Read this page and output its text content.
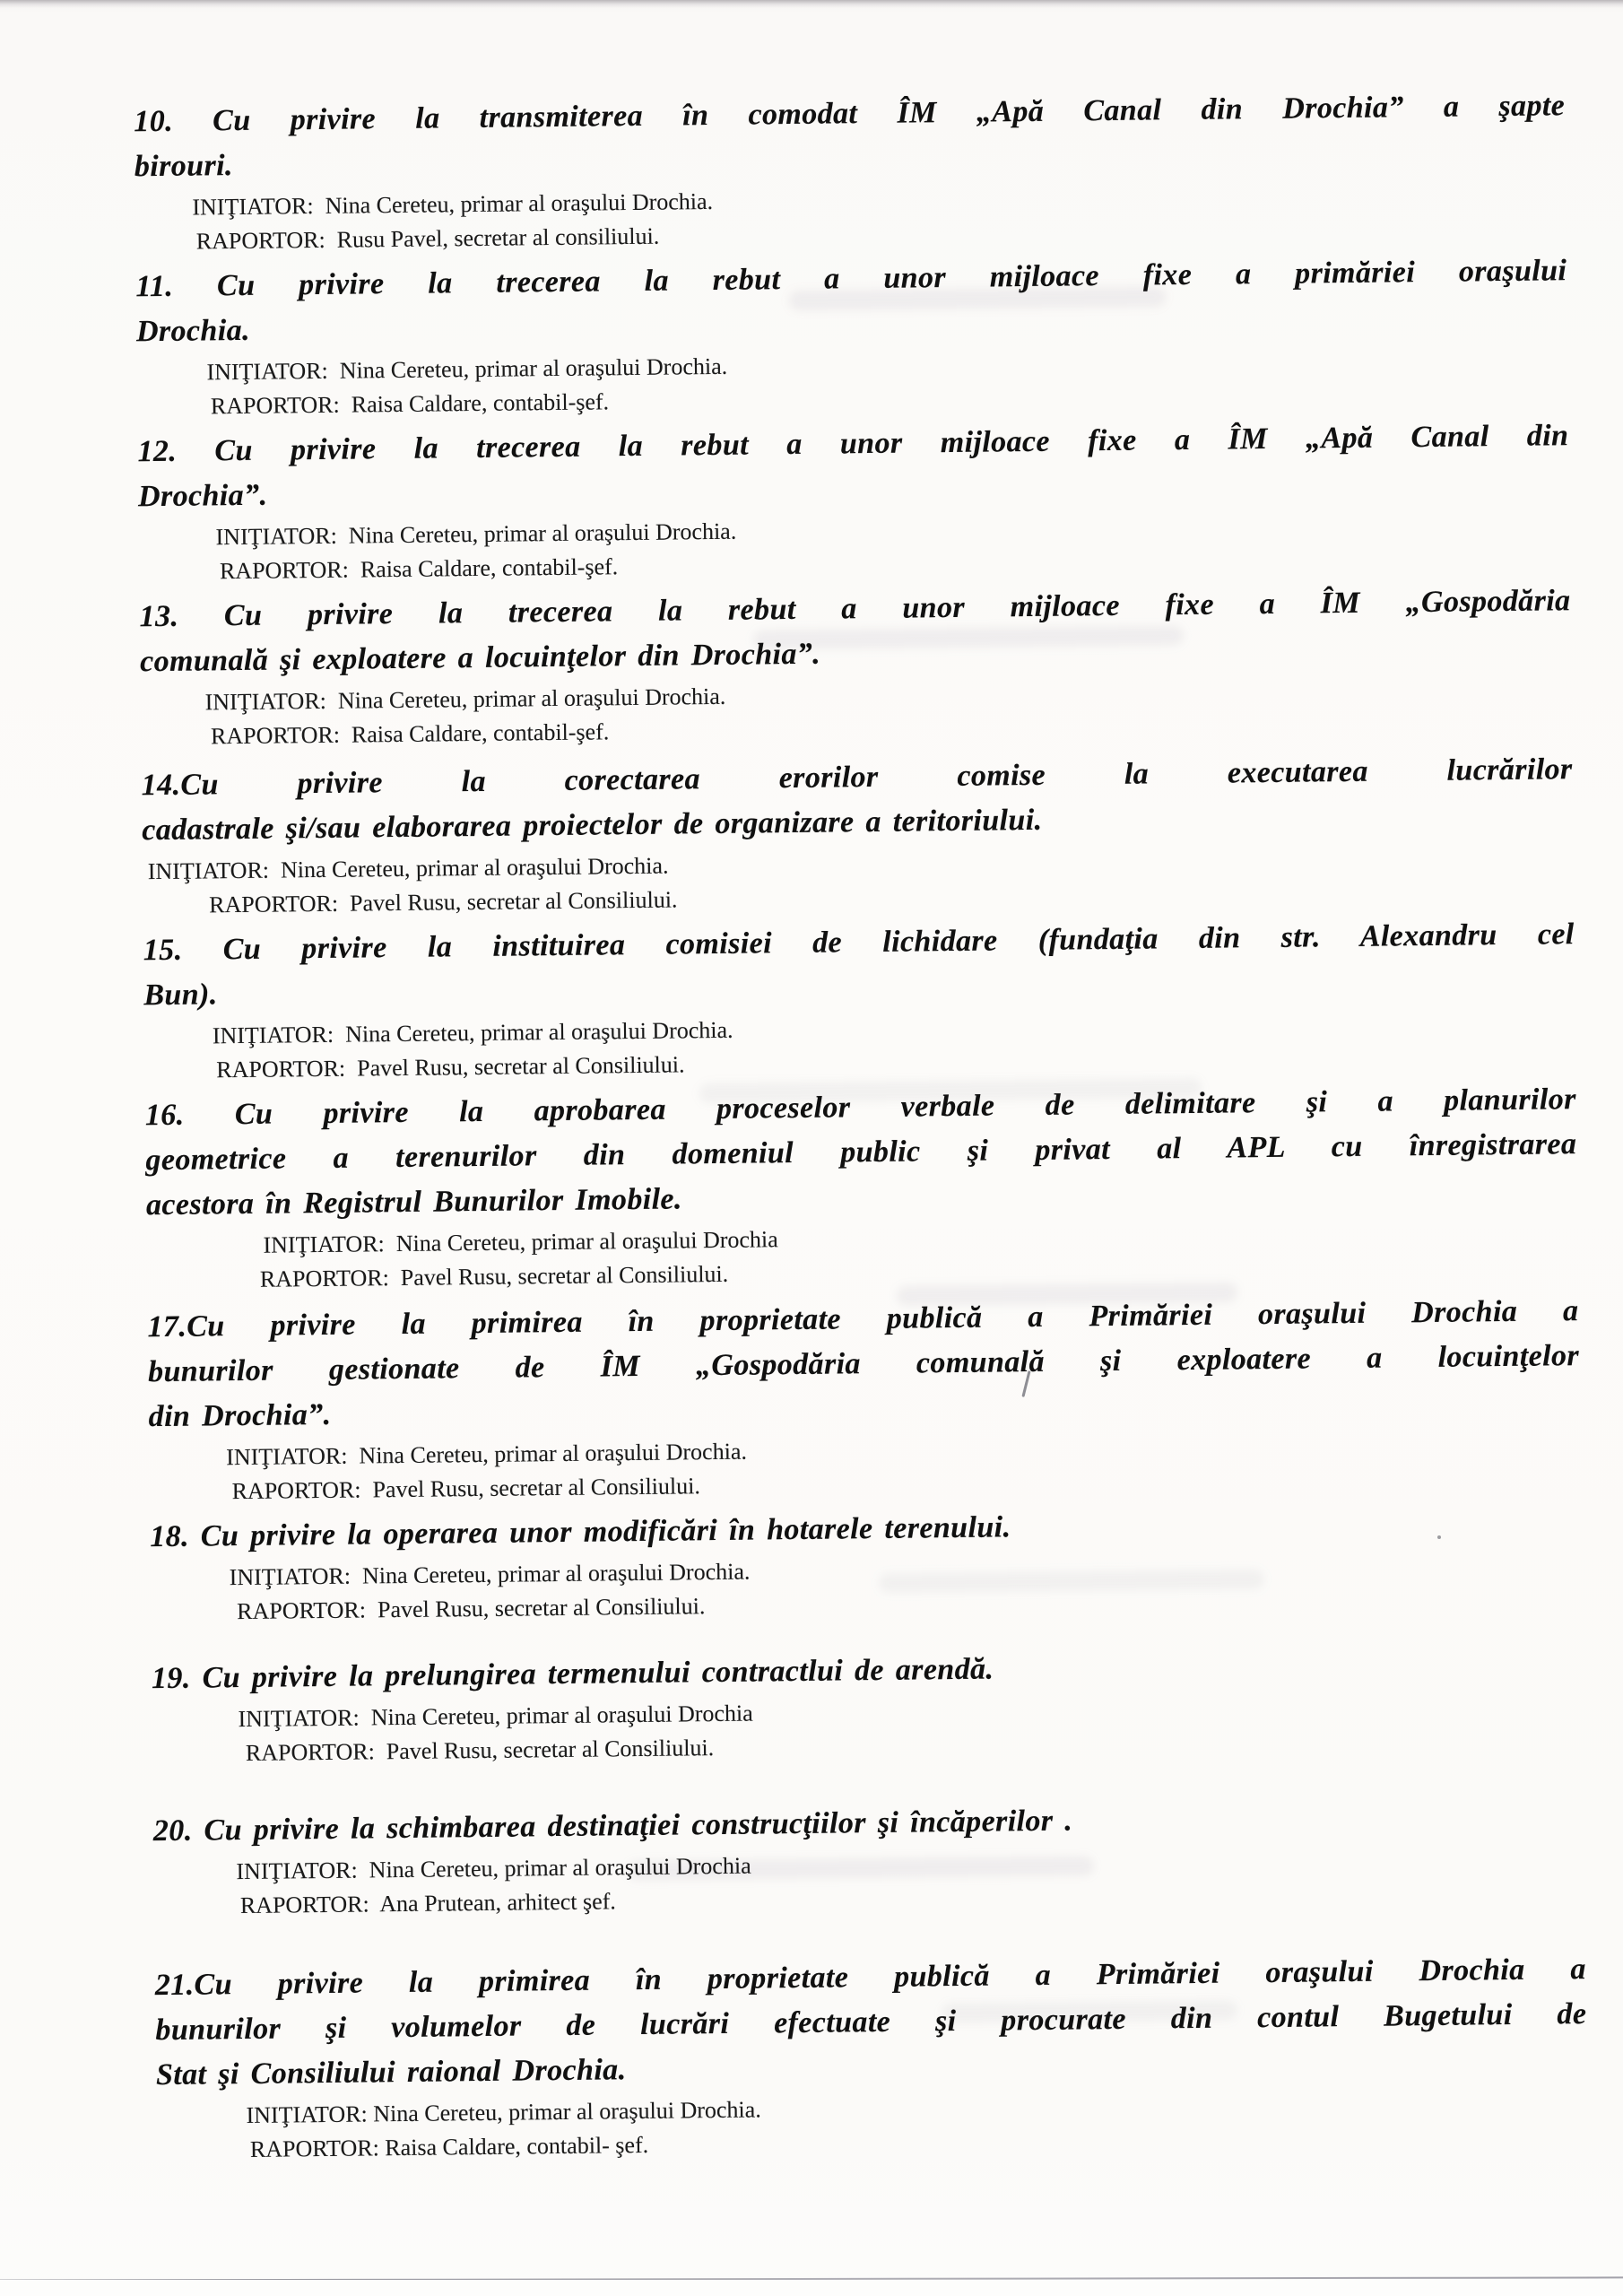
10. Cu privire la transmiterea în comodat ÎM „Apă Canal din Drochia” a şapte
birouri.
INIŢIATOR:  Nina Cereteu, primar al oraşului Drochia.
RAPORTOR:  Rusu Pavel, secretar al consiliului.
11. Cu privire la trecerea la rebut a unor mijloace fixe a primăriei oraşului
Drochia.
INIŢIATOR:  Nina Cereteu, primar al oraşului Drochia.
RAPORTOR:  Raisa Caldare, contabil-şef.
12. Cu privire la trecerea la rebut a unor mijloace fixe a ÎM „Apă Canal din
Drochia”.
INIŢIATOR:  Nina Cereteu, primar al oraşului Drochia.
RAPORTOR:  Raisa Caldare, contabil-şef.
13. Cu privire la trecerea la rebut a unor mijloace fixe a ÎM „Gospodăria
comunală şi exploatere a locuinţelor din Drochia”.
INIŢIATOR:  Nina Cereteu, primar al oraşului Drochia.
RAPORTOR:  Raisa Caldare, contabil-şef.
14.Cu privire la corectarea erorilor comise la executarea lucrărilor
cadastrale şi/sau elaborarea proiectelor de organizare a teritoriului.
INIŢIATOR:  Nina Cereteu, primar al oraşului Drochia.
RAPORTOR:  Pavel Rusu, secretar al Consiliului.
15. Cu privire la instituirea comisiei de lichidare (fundaţia din str. Alexandru cel
Bun).
INIŢIATOR:  Nina Cereteu, primar al oraşului Drochia.
RAPORTOR:  Pavel Rusu, secretar al Consiliului.
16. Cu privire la aprobarea proceselor verbale de delimitare şi a planurilor
geometrice a terenurilor din domeniul public şi privat al APL cu înregistrarea
acestora în Registrul Bunurilor Imobile.
INIŢIATOR:  Nina Cereteu, primar al oraşului Drochia
RAPORTOR:  Pavel Rusu, secretar al Consiliului.
17.Cu privire la primirea în proprietate publică a Primăriei oraşului Drochia a
bunurilor gestionate de ÎM „Gospodăria comunală şi exploatere a locuinţelor
din Drochia”.
INIŢIATOR:  Nina Cereteu, primar al oraşului Drochia.
RAPORTOR:  Pavel Rusu, secretar al Consiliului.
18. Cu privire la operarea unor modificări în hotarele terenului.
INIŢIATOR:  Nina Cereteu, primar al oraşului Drochia.
RAPORTOR:  Pavel Rusu, secretar al Consiliului.
19. Cu privire la prelungirea termenului contractlui de arendă.
INIŢIATOR:  Nina Cereteu, primar al oraşului Drochia
RAPORTOR:  Pavel Rusu, secretar al Consiliului.
20. Cu privire la schimbarea destinaţiei construcţiilor şi încăperilor .
INIŢIATOR:  Nina Cereteu, primar al oraşului Drochia
RAPORTOR:  Ana Prutean, arhitect şef.
21.Cu privire la primirea în proprietate publică a Primăriei oraşului Drochia a
bunurilor şi volumelor de lucrări efectuate şi procurate din contul Bugetului de
Stat şi Consiliului raional Drochia.
INIŢIATOR: Nina Cereteu, primar al oraşului Drochia.
RAPORTOR: Raisa Caldare, contabil- şef.
